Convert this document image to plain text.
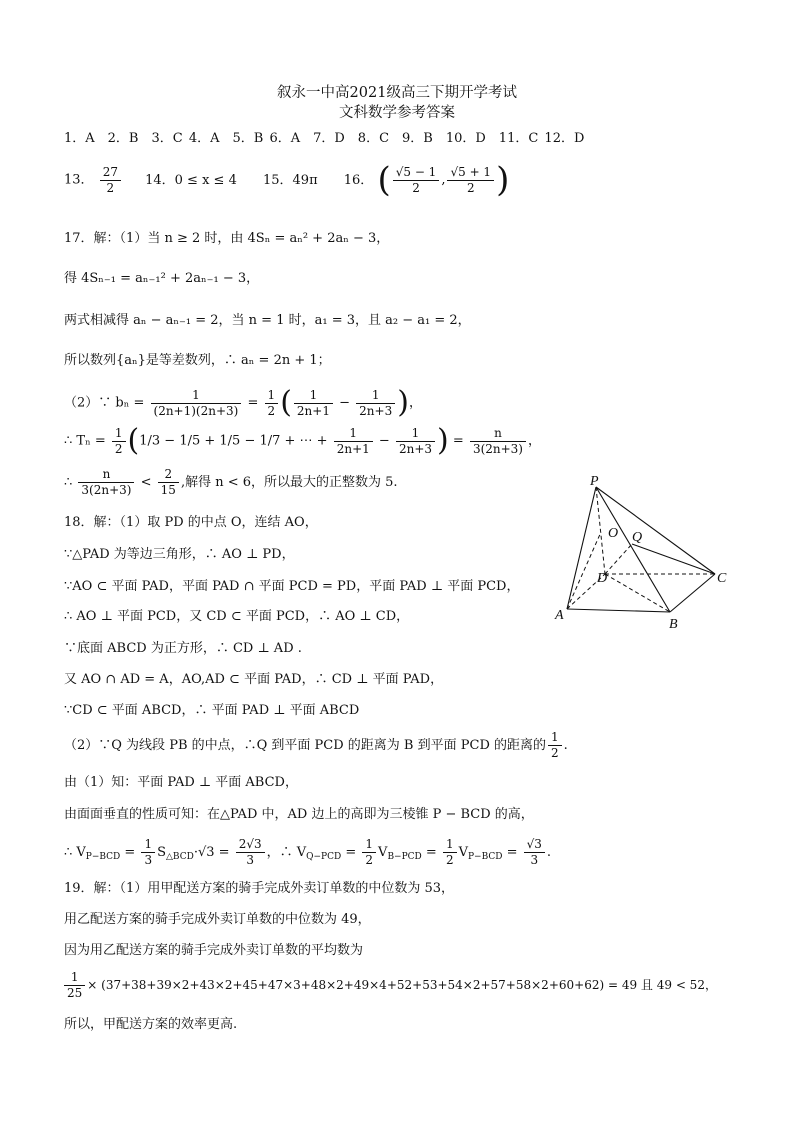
叙永一中高2021级高三下期开学考试
文科数学参考答案
1．A　2．B　3．C 4．A　5．B 6．A　7．D　8．C　9．B　10．D　11．C 12．D
13． $\frac{27}{2} 14$．0 ≤ x ≤ 4 15．49π 16． ( $\frac{√5 - 1}{2}$ , $\frac{√5 + 1}{2}$ )
17．解：（1）当 n ≥ 2 时，由 4Sₙ = aₙ² + 2aₙ − 3，
得 4Sₙ₋₁ = aₙ₋₁² + 2aₙ₋₁ − 3，
两式相减得 aₙ − aₙ₋₁ = 2，当 n = 1 时，a₁ = 3，且 a₂ − a₁ = 2，
所以数列{aₙ}是等差数列，∴ aₙ = 2n + 1；
（2）∵ $b_n = \frac{1}{(2n+1)(2n+3)} = \frac{1}{2}$ ( $\frac{1}{2n+1} - \frac{1}{2n+3}$ )，
∴ $T_n = \frac{1}{2} (1/3 - 1/5 + 1/5 - 1/7$ + ⋯ + $\frac{1}{2n+1} - \frac{1}{2n+3}$ ) = $\frac{n}{3(2n+3)}$ ，
∴ $\frac{n}{3(2n+3)} < \frac{2}{15}$ ,解得 n < 6，所以最大的正整数为 5.
18．解：（1）取 PD 的中点 O，连结 AO，
∵△PAD 为等边三角形，∴ AO ⊥ PD，
∵AO ⊂ 平面 PAD，平面 PAD ∩ 平面 PCD = PD，平面 PAD ⊥ 平面 PCD，
∴ AO ⊥ 平面 PCD，又 CD ⊂ 平面 PCD，∴ AO ⊥ CD，
∵底面 ABCD 为正方形，∴ CD ⊥ AD .
又 AO ∩ AD = A，AO,AD ⊂ 平面 PAD，∴ CD ⊥ 平面 PAD，
∵CD ⊂ 平面 ABCD，∴ 平面 PAD ⊥ 平面 ABCD
（2）∵Q 为线段 PB 的中点，∴Q 到平面 PCD 的距离为 B 到平面 PCD 的距离的 $\frac{1}{2}$ .
由（1）知：平面 PAD ⊥ 平面 ABCD，
由面面垂直的性质可知：在△PAD 中，AD 边上的高即为三棱锥 P − BCD 的高，
∴ $V_{P-BCD} = \frac{1}{3} S_{\triangle BCD}\cdot√3 = \frac{2√3}{3}$ ，∴ $V_{Q-PCD} = \frac{1}{2} V_{B-PCD} = \frac{1}{2} V_{P-BCD} = \frac{√3}{3}$ .
19．解：（1）用甲配送方案的骑手完成外卖订单数的中位数为 53，
用乙配送方案的骑手完成外卖订单数的中位数为 49，
因为用乙配送方案的骑手完成外卖订单数的平均数为
$\frac{1}{25} \times (37+38+39\times 2+43\times 2+45+47\times 3+48\times 2+49\times 4+52+53+54\times 2+57+58\times 2+60+62) = 49$ 且 49 < 52，
所以，甲配送方案的效率更高.
P
O Q
D	C
A
B
